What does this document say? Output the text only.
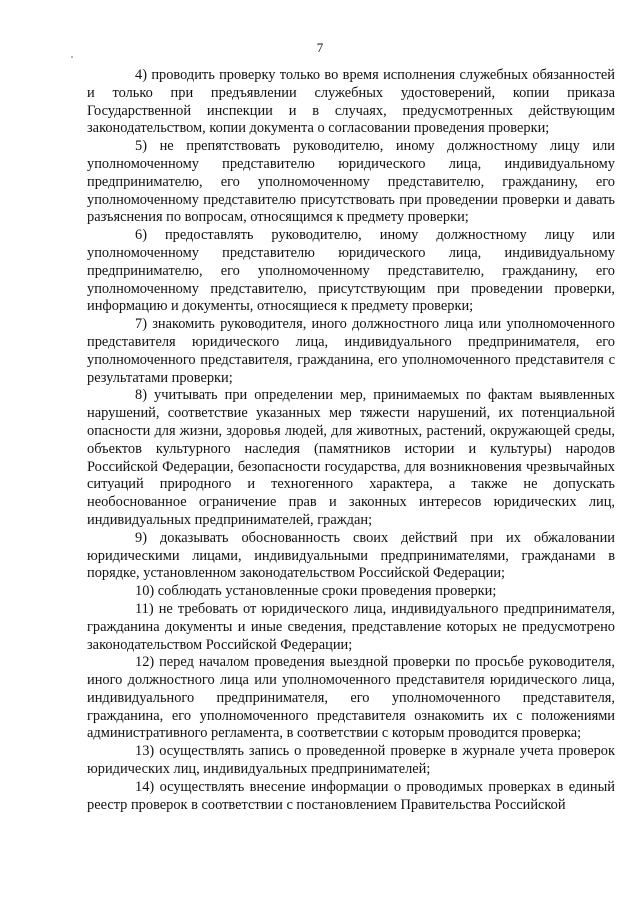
7

4) проводить проверку только во время исполнения служебных обязанностей и только при предъявлении служебных удостоверений, копии приказа Государственной инспекции и в случаях, предусмотренных действующим законодательством, копии документа о согласовании проведения проверки;

5) не препятствовать руководителю, иному должностному лицу или уполномоченному представителю юридического лица, индивидуальному предпринимателю, его уполномоченному представителю, гражданину, его уполномоченному представителю присутствовать при проведении проверки и давать разъяснения по вопросам, относящимся к предмету проверки;

6) предоставлять руководителю, иному должностному лицу или уполномоченному представителю юридического лица, индивидуальному предпринимателю, его уполномоченному представителю, гражданину, его уполномоченному представителю, присутствующим при проведении проверки, информацию и документы, относящиеся к предмету проверки;

7) знакомить руководителя, иного должностного лица или уполномоченного представителя юридического лица, индивидуального предпринимателя, его уполномоченного представителя, гражданина, его уполномоченного представителя с результатами проверки;

8) учитывать при определении мер, принимаемых по фактам выявленных нарушений, соответствие указанных мер тяжести нарушений, их потенциальной опасности для жизни, здоровья людей, для животных, растений, окружающей среды, объектов культурного наследия (памятников истории и культуры) народов Российской Федерации, безопасности государства, для возникновения чрезвычайных ситуаций природного и техногенного характера, а также не допускать необоснованное ограничение прав и законных интересов юридических лиц, индивидуальных предпринимателей, граждан;

9) доказывать обоснованность своих действий при их обжаловании юридическими лицами, индивидуальными предпринимателями, гражданами в порядке, установленном законодательством Российской Федерации;

10) соблюдать установленные сроки проведения проверки;

11) не требовать от юридического лица, индивидуального предпринимателя, гражданина документы и иные сведения, представление которых не предусмотрено законодательством Российской Федерации;

12) перед началом проведения выездной проверки по просьбе руководителя, иного должностного лица или уполномоченного представителя юридического лица, индивидуального предпринимателя, его уполномоченного представителя, гражданина, его уполномоченного представителя ознакомить их с положениями административного регламента, в соответствии с которым проводится проверка;

13) осуществлять запись о проведенной проверке в журнале учета проверок юридических лиц, индивидуальных предпринимателей;

14) осуществлять внесение информации о проводимых проверках в единый реестр проверок в соответствии с постановлением Правительства Российской
